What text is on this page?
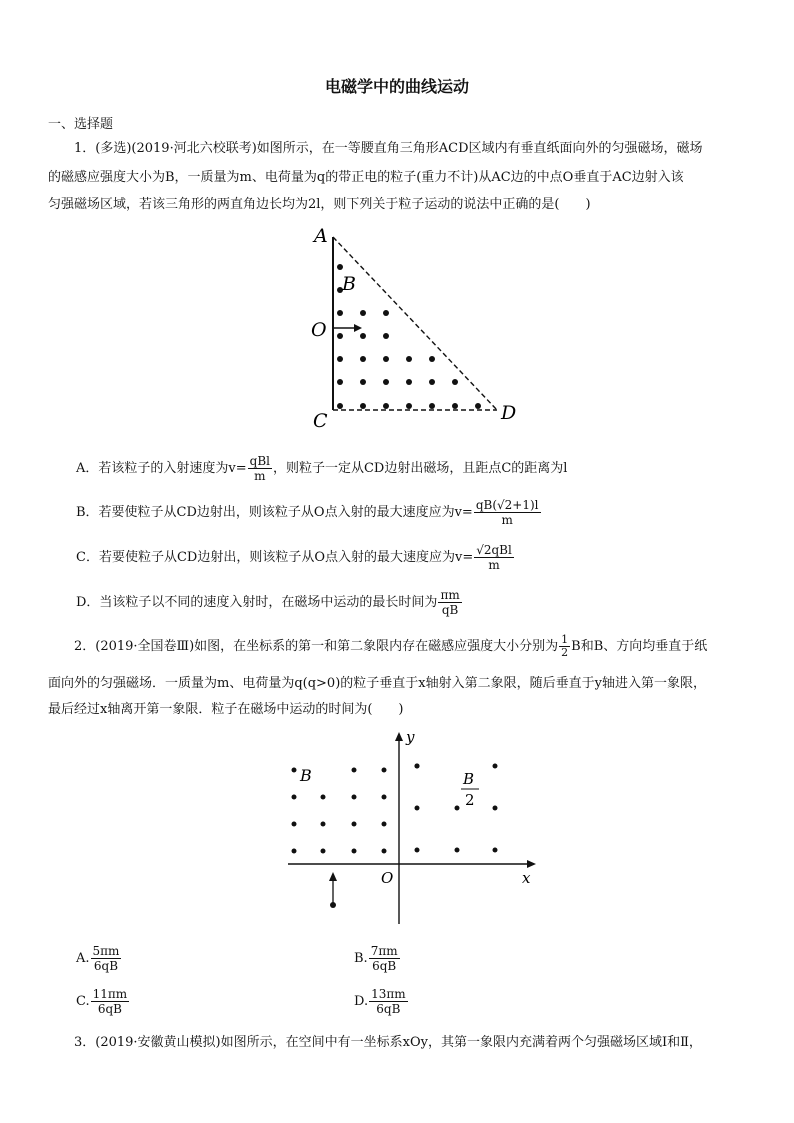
电磁学中的曲线运动
一、选择题

1．(多选)(2019·河北六校联考)如图所示，在一等腰直角三角形ACD区域内有垂直纸面向外的匀强磁场，磁场

的磁感应强度大小为B，一质量为m、电荷量为q的带正电的粒子(重力不计)从AC边的中点O垂直于AC边射入该

匀强磁场区域，若该三角形的两直角边长均为2l，则下列关于粒子运动的说法中正确的是(　　)

A
B
O
C	D
A．若该粒子的入射速度为$v= \frac{\text{qBl}}{m}$ ，则粒子一定从CD边射出磁场，且距点C的距离为l
B．若要使粒子从CD边射出，则该粒子从O点入射的最大速度应为$v= \frac{qB(√2+1)l}{m}$
C．若要使粒子从CD边射出，则该粒子从O点入射的最大速度应为$v= \frac{\text{√2qBl}}{m}$
D．当该粒子以不同的速度入射时，在磁场中运动的最长时间为 $\frac{\pi m}{qB}$
2．(2019·全国卷Ⅲ)如图，在坐标系的第一和第二象限内存在磁感应强度大小分别为 $\frac{1}{2}$ B和B、方向均垂直于纸

面向外的匀强磁场．一质量为m、电荷量为q(q>0)的粒子垂直于x轴射入第二象限，随后垂直于y轴进入第一象限，

最后经过x轴离开第一象限．粒子在磁场中运动的时间为(　　)

B	B
2
O	x
y
A. $\frac{5\pi m}{6qB}$	B. $\frac{7\pi m}{6qB}$
C. $\frac{11\pi m}{6qB}$	D. $\frac{13\pi m}{6qB}$
3．(2019·安徽黄山模拟)如图所示，在空间中有一坐标系xOy，其第一象限内充满着两个匀强磁场区域Ⅰ和Ⅱ，
